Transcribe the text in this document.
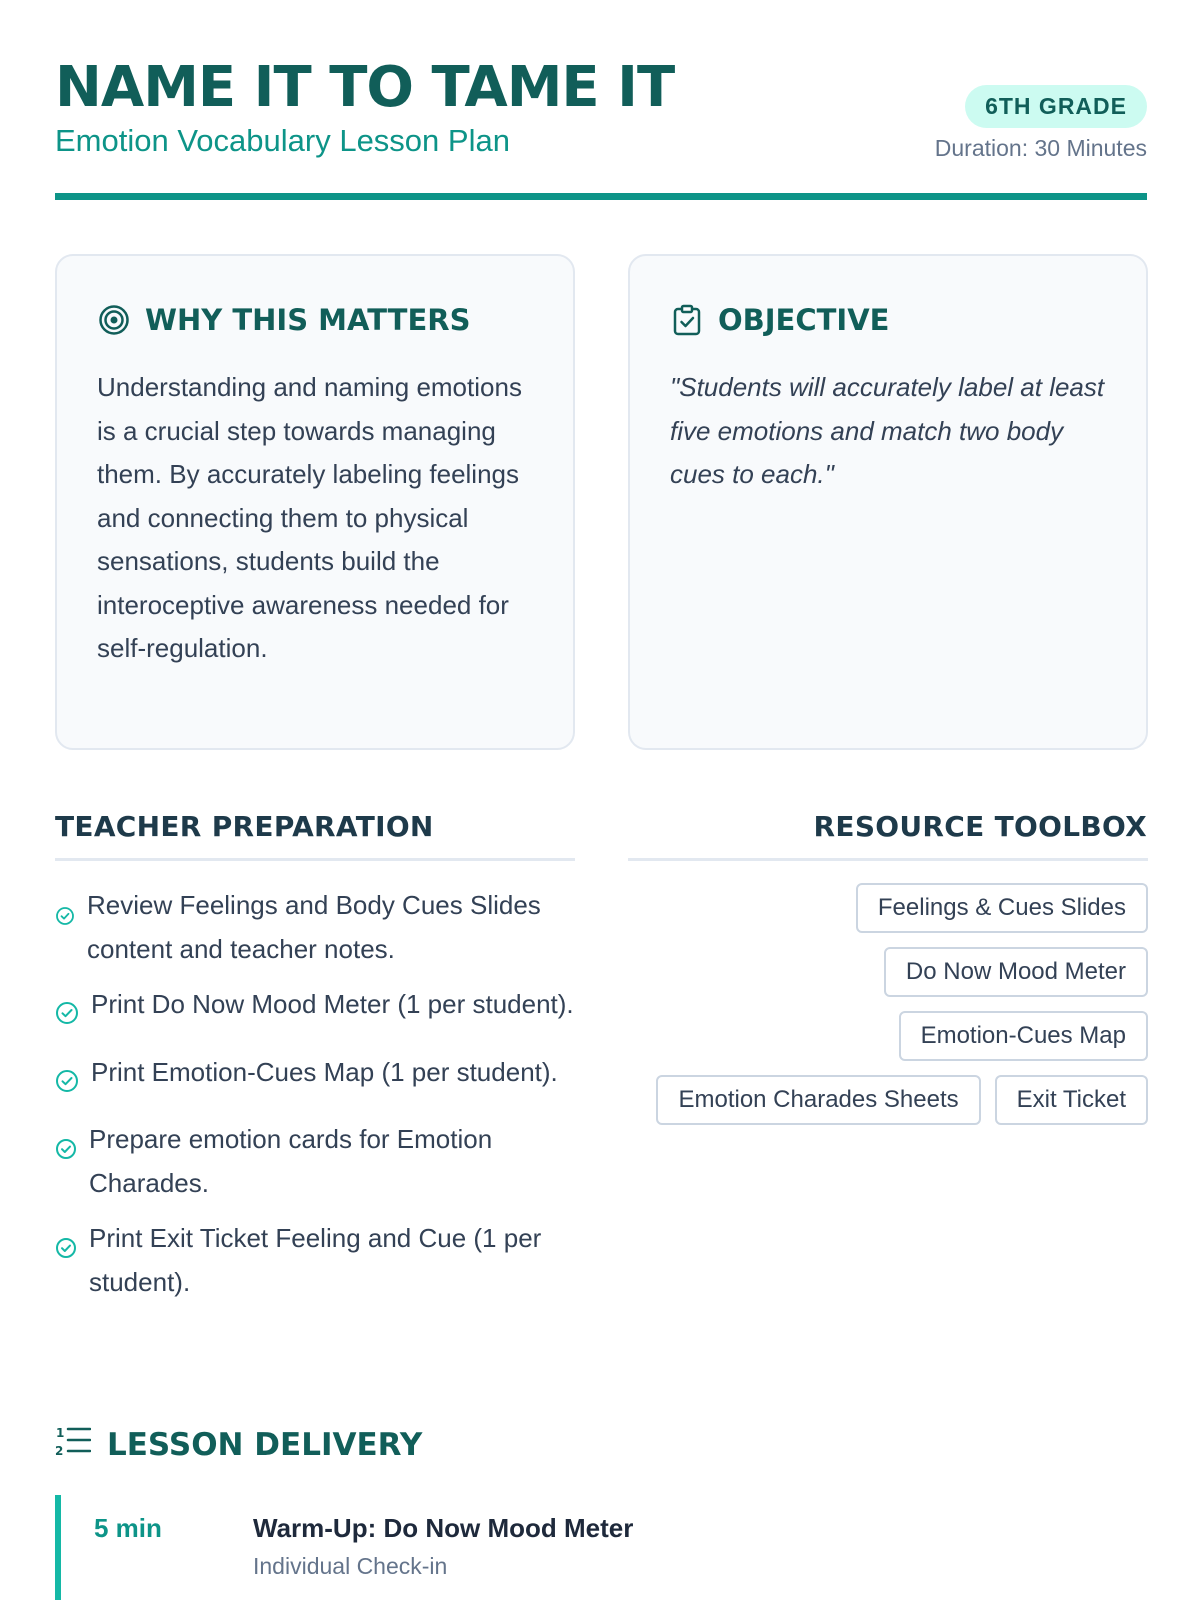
NAME IT TO TAME IT
Emotion Vocabulary Lesson Plan
6TH GRADE
Duration: 30 Minutes
WHY THIS MATTERS
Understanding and naming emotions is a crucial step towards managing them. By accurately labeling feelings and connecting them to physical sensations, students build the interoceptive awareness needed for self-regulation.
OBJECTIVE
"Students will accurately label at least five emotions and match two body cues to each."
TEACHER PREPARATION	RESOURCE TOOLBOX
Review Feelings and Body Cues Slides content and teacher notes.
Print Do Now Mood Meter (1 per student).
Print Emotion-Cues Map (1 per student).
Prepare emotion cards for Emotion Charades.
Print Exit Ticket Feeling and Cue (1 per student).
Feelings & Cues Slides
Do Now Mood Meter
Emotion-Cues Map
Emotion Charades Sheets	Exit Ticket
1
2 LESSON DELIVERY
5 min	Warm-Up: Do Now Mood Meter
Individual Check-in
